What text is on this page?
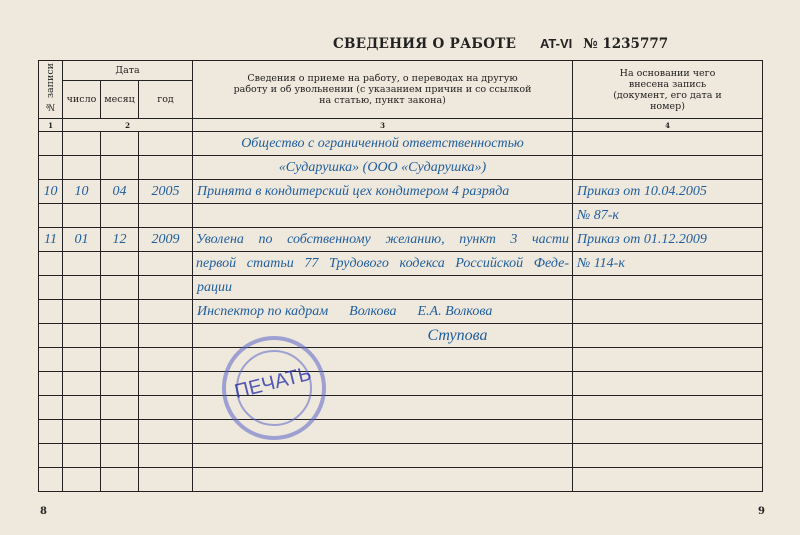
СВЕДЕНИЯ О РАБОТЕ AT-VI № 1235777
№ записи	Дата	Сведения о приеме на работу, о переводах на другую работу и об увольнении (с указанием причин и со ссылкой на статью, пункт закона)	На основании чего внесена запись (документ, его дата и номер)
число	месяц	год
1	2	3	4
				Общество с ограниченной ответственностью	
				«Сударушка» (ООО «Сударушка»)	
10	10	04	2005	Принята в кондитерский цех кондитером 4 разряда	Приказ от 10.04.2005
					№ 87-к
11	01	12	2009	Уволена по собственному желанию, пункт 3 части	Приказ от 01.12.2009
				первой статьи 77 Трудового кодекса Российской Феде-	№ 114-к
				рации	
				Инспектор по кадрам      Волкова      Е.А. Волкова	
				Ступова	

ПЕЧАТЬ
8	9
